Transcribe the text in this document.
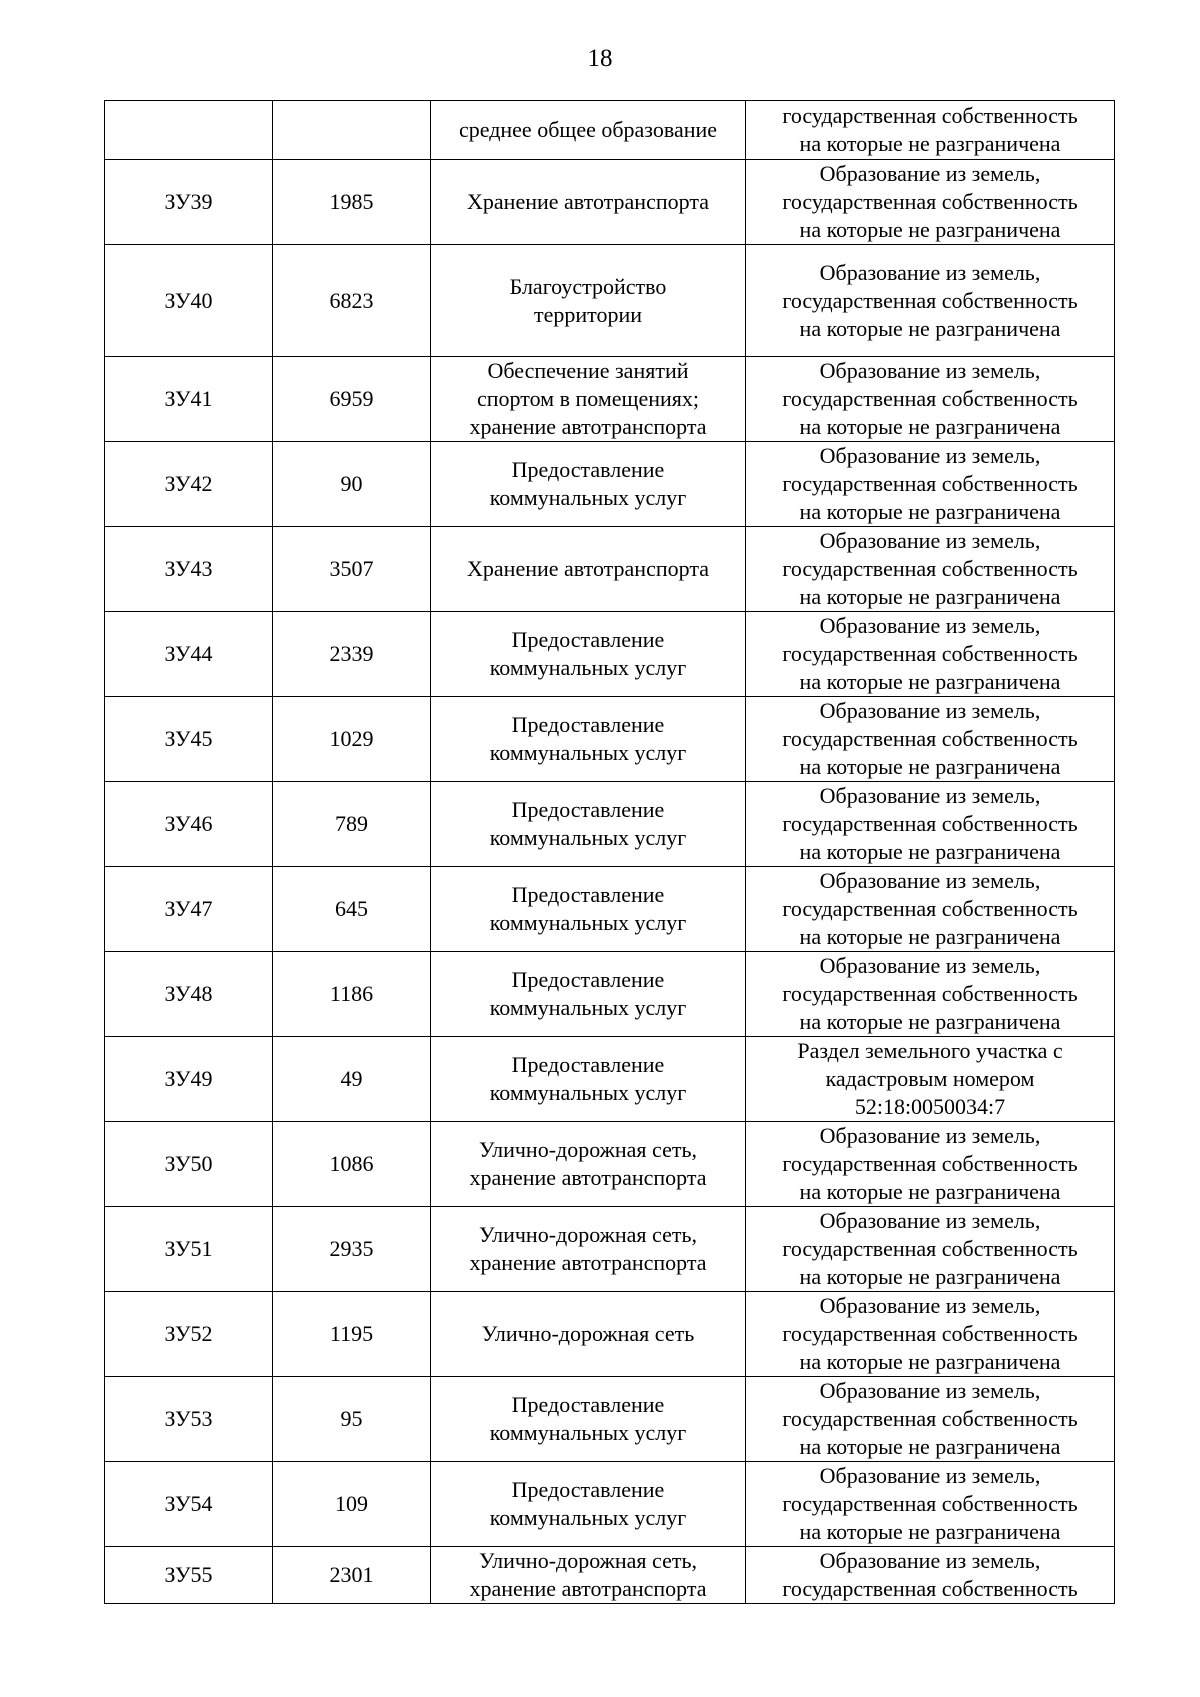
18

		среднее общее образование	государственная собственность
на которые не разграничена

ЗУ39	1985	Хранение автотранспорта	Образование из земель,
государственная собственность
на которые не разграничена

ЗУ40	6823	Благоустройство
территории	Образование из земель,
государственная собственность
на которые не разграничена

ЗУ41	6959	Обеспечение занятий
спортом в помещениях;
хранение автотранспорта	Образование из земель,
государственная собственность
на которые не разграничена

ЗУ42	90	Предоставление
коммунальных услуг	Образование из земель,
государственная собственность
на которые не разграничена

ЗУ43	3507	Хранение автотранспорта	Образование из земель,
государственная собственность
на которые не разграничена

ЗУ44	2339	Предоставление
коммунальных услуг	Образование из земель,
государственная собственность
на которые не разграничена

ЗУ45	1029	Предоставление
коммунальных услуг	Образование из земель,
государственная собственность
на которые не разграничена

ЗУ46	789	Предоставление
коммунальных услуг	Образование из земель,
государственная собственность
на которые не разграничена

ЗУ47	645	Предоставление
коммунальных услуг	Образование из земель,
государственная собственность
на которые не разграничена

ЗУ48	1186	Предоставление
коммунальных услуг	Образование из земель,
государственная собственность
на которые не разграничена

ЗУ49	49	Предоставление
коммунальных услуг	Раздел земельного участка с
кадастровым номером
52:18:0050034:7

ЗУ50	1086	Улично-дорожная сеть,
хранение автотранспорта	Образование из земель,
государственная собственность
на которые не разграничена

ЗУ51	2935	Улично-дорожная сеть,
хранение автотранспорта	Образование из земель,
государственная собственность
на которые не разграничена

ЗУ52	1195	Улично-дорожная сеть	Образование из земель,
государственная собственность
на которые не разграничена

ЗУ53	95	Предоставление
коммунальных услуг	Образование из земель,
государственная собственность
на которые не разграничена

ЗУ54	109	Предоставление
коммунальных услуг	Образование из земель,
государственная собственность
на которые не разграничена

ЗУ55	2301	Улично-дорожная сеть,
хранение автотранспорта	Образование из земель,
государственная собственность
